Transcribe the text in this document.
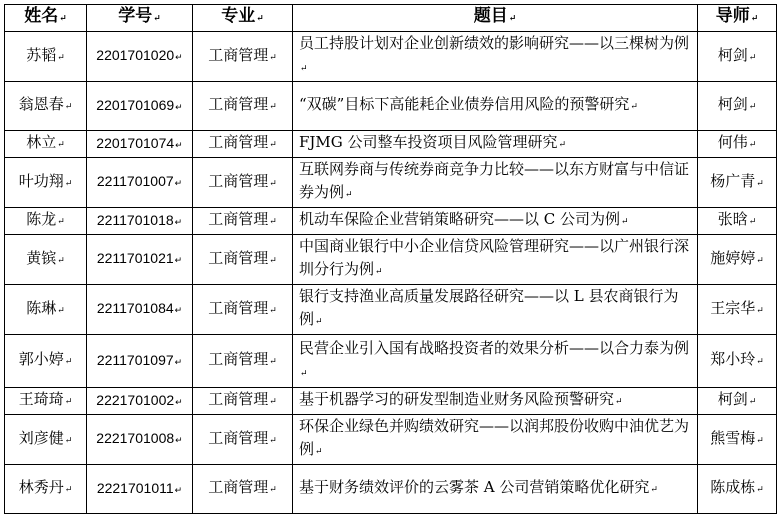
姓名 ↵	学号 ↵	专业 ↵	题目 ↵	导师 ↵
苏韬 ↵	2201701020 ↵	工商管理 ↵	员工持股计划对企业创新绩效的影响研究——以三棵树为例 ↵	柯剑 ↵
翁恩春 ↵	2201701069 ↵	工商管理 ↵	“双碳”目标下高能耗企业债券信用风险的预警研究 ↵	柯剑 ↵
林立 ↵	2201701074 ↵	工商管理 ↵	FJMG 公司整车投资项目风险管理研究 ↵	何伟 ↵
叶功翔 ↵	2211701007 ↵	工商管理 ↵	互联网券商与传统券商竞争力比较——以东方财富与中信证券为例 ↵	杨广青 ↵
陈龙 ↵	2211701018 ↵	工商管理 ↵	机动车保险企业营销策略研究——以 C 公司为例 ↵	张晗 ↵
黄镔 ↵	2211701021 ↵	工商管理 ↵	中国商业银行中小企业信贷风险管理研究——以广州银行深圳分行为例 ↵	施婷婷 ↵
陈琳 ↵	2211701084 ↵	工商管理 ↵	银行支持渔业高质量发展路径研究——以 L 县农商银行为例 ↵	王宗华 ↵
郭小婷 ↵	2211701097 ↵	工商管理 ↵	民营企业引入国有战略投资者的效果分析——以合力泰为例 ↵	郑小玲 ↵
王琦琦 ↵	2221701002 ↵	工商管理 ↵	基于机器学习的研发型制造业财务风险预警研究 ↵	柯剑 ↵
刘彦健 ↵	2221701008 ↵	工商管理 ↵	环保企业绿色并购绩效研究——以润邦股份收购中油优艺为例 ↵	熊雪梅 ↵
林秀丹 ↵	2221701011 ↵	工商管理 ↵	基于财务绩效评价的云雾茶 A 公司营销策略优化研究 ↵	陈成栋 ↵
